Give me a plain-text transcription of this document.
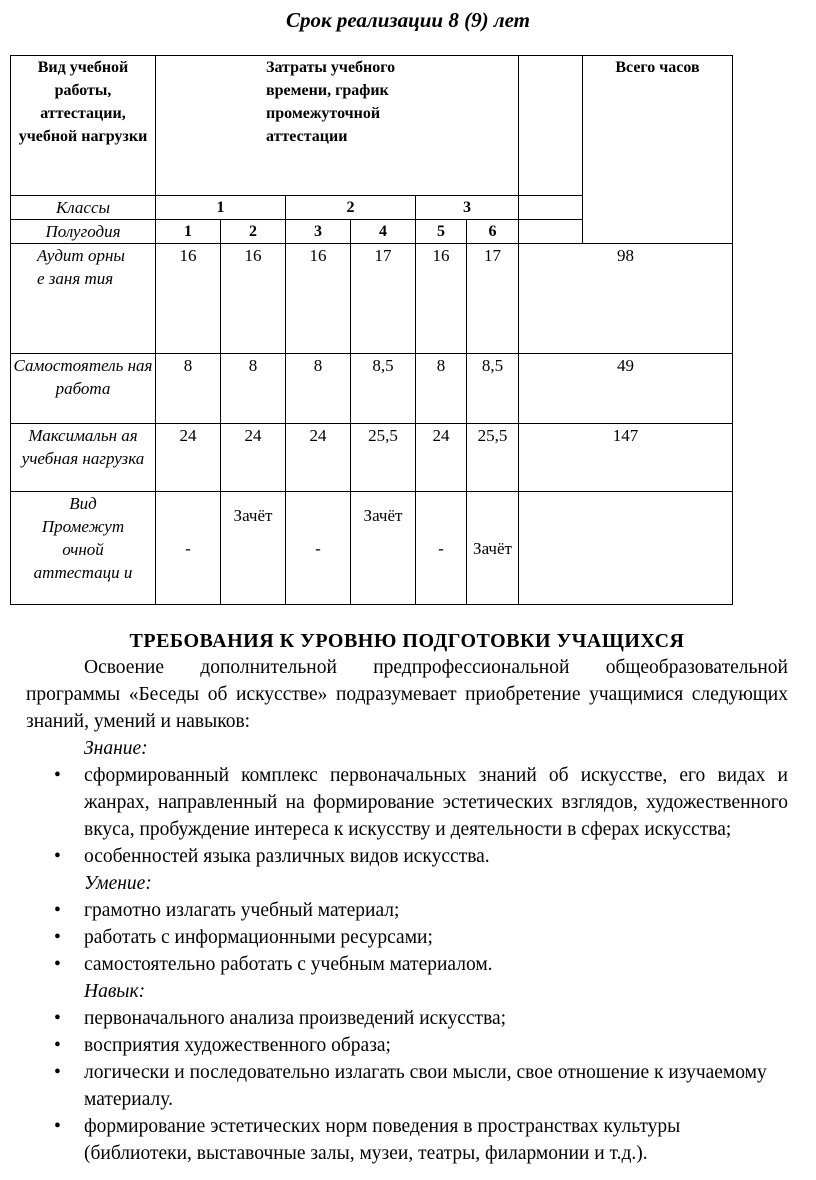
Срок реализации 8 (9) лет
Вид учебной работы, аттестации, учебной нагрузки	Затраты учебного времени, график промежуточной аттестации							Всего часов
Классы	1		2		3			
Полугодия	1	2	3	4	5	6		
Аудит орны е заня тия	16	16	16	17	16	17	98	
Самостоятель ная работа	8	8	8	8,5	8	8,5	49	
Максимальн ая учебная нагрузка	24	24	24	25,5	24	25,5	147	
Вид Промежут очной аттестаци и	-	Зачёт	-	Зачёт	-	Зачёт		
ТРЕБОВАНИЯ К УРОВНЮ ПОДГОТОВКИ УЧАЩИХСЯ
Освоение дополнительной предпрофессиональной общеобразовательной программы «Беседы об искусстве» подразумевает приобретение учащимися следующих знаний, умений и навыков:
Знание:
• сформированный комплекс первоначальных знаний об искусстве, его видах и жанрах, направленный на формирование эстетических взглядов, художественного вкуса, пробуждение интереса к искусству и деятельности в сферах искусства;
• особенностей языка различных видов искусства.
Умение:
• грамотно излагать учебный материал;
• работать с информационными ресурсами;
• самостоятельно работать с учебным материалом.
Навык:
• первоначального анализа произведений искусства;
• восприятия художественного образа;
• логически и последовательно излагать свои мысли, свое отношение к изучаемому материалу.
• формирование эстетических норм поведения в пространствах культуры (библиотеки, выставочные залы, музеи, театры, филармонии и т.д.).
